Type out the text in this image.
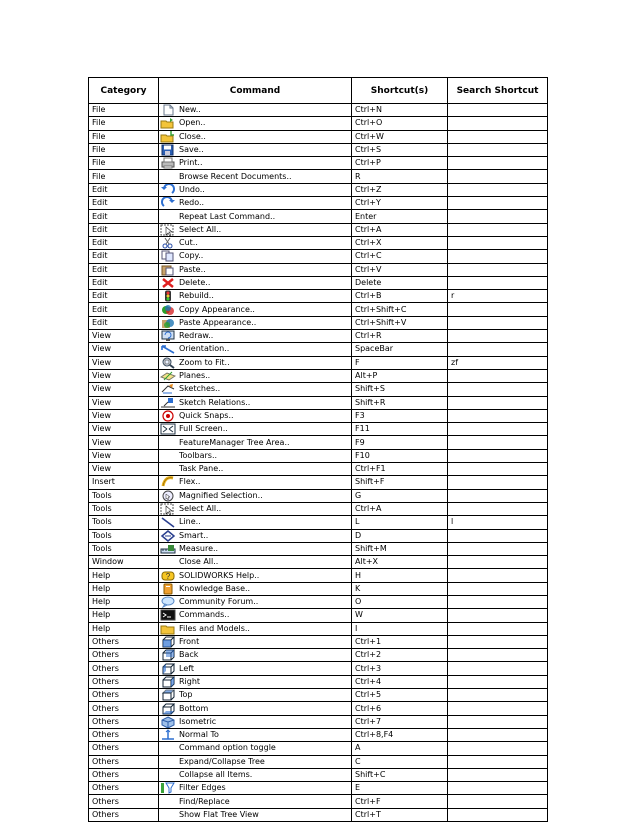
Category	Command	Shortcut(s)	Search Shortcut
File	New..	Ctrl+N	
File	Open..	Ctrl+O	
File	Close..	Ctrl+W	
File	Save..	Ctrl+S	
File	Print..	Ctrl+P	
File	Browse Recent Documents..	R	
Edit	Undo..	Ctrl+Z	
Edit	Redo..	Ctrl+Y	
Edit	Repeat Last Command..	Enter	
Edit	Select All..	Ctrl+A	
Edit	Cut..	Ctrl+X	
Edit	Copy..	Ctrl+C	
Edit	Paste..	Ctrl+V	
Edit	Delete..	Delete	
Edit	Rebuild..	Ctrl+B	r
Edit	Copy Appearance..	Ctrl+Shift+C	
Edit	Paste Appearance..	Ctrl+Shift+V	
View	Redraw..	Ctrl+R	
View	Orientation..	SpaceBar	
View	Zoom to Fit..	F	zf
View	Planes..	Alt+P	
View	Sketches..	Shift+S	
View	Sketch Relations..	Shift+R	
View	Quick Snaps..	F3	
View	Full Screen..	F11	
View	FeatureManager Tree Area..	F9	
View	Toolbars..	F10	
View	Task Pane..	Ctrl+F1	
Insert	Flex..	Shift+F	
Tools	Magnified Selection..	G	
Tools	Select All..	Ctrl+A	
Tools	Line..	L	l
Tools	Smart..	D	
Tools	Measure..	Shift+M	
Window	Close All..	Alt+X	
Help	? SOLIDWORKS Help..	H	
Help	Knowledge Base..	K	
Help	Community Forum..	O	
Help	Commands..	W	
Help	Files and Models..	I	
Others	Front	Ctrl+1	
Others	Back	Ctrl+2	
Others	Left	Ctrl+3	
Others	Right	Ctrl+4	
Others	Top	Ctrl+5	
Others	Bottom	Ctrl+6	
Others	Isometric	Ctrl+7	
Others	Normal To	Ctrl+8,F4	
Others	Command option toggle	A	
Others	Expand/Collapse Tree	C	
Others	Collapse all Items.	Shift+C	
Others	Filter Edges	E	
Others	Find/Replace	Ctrl+F	
Others	Show Flat Tree View	Ctrl+T	
